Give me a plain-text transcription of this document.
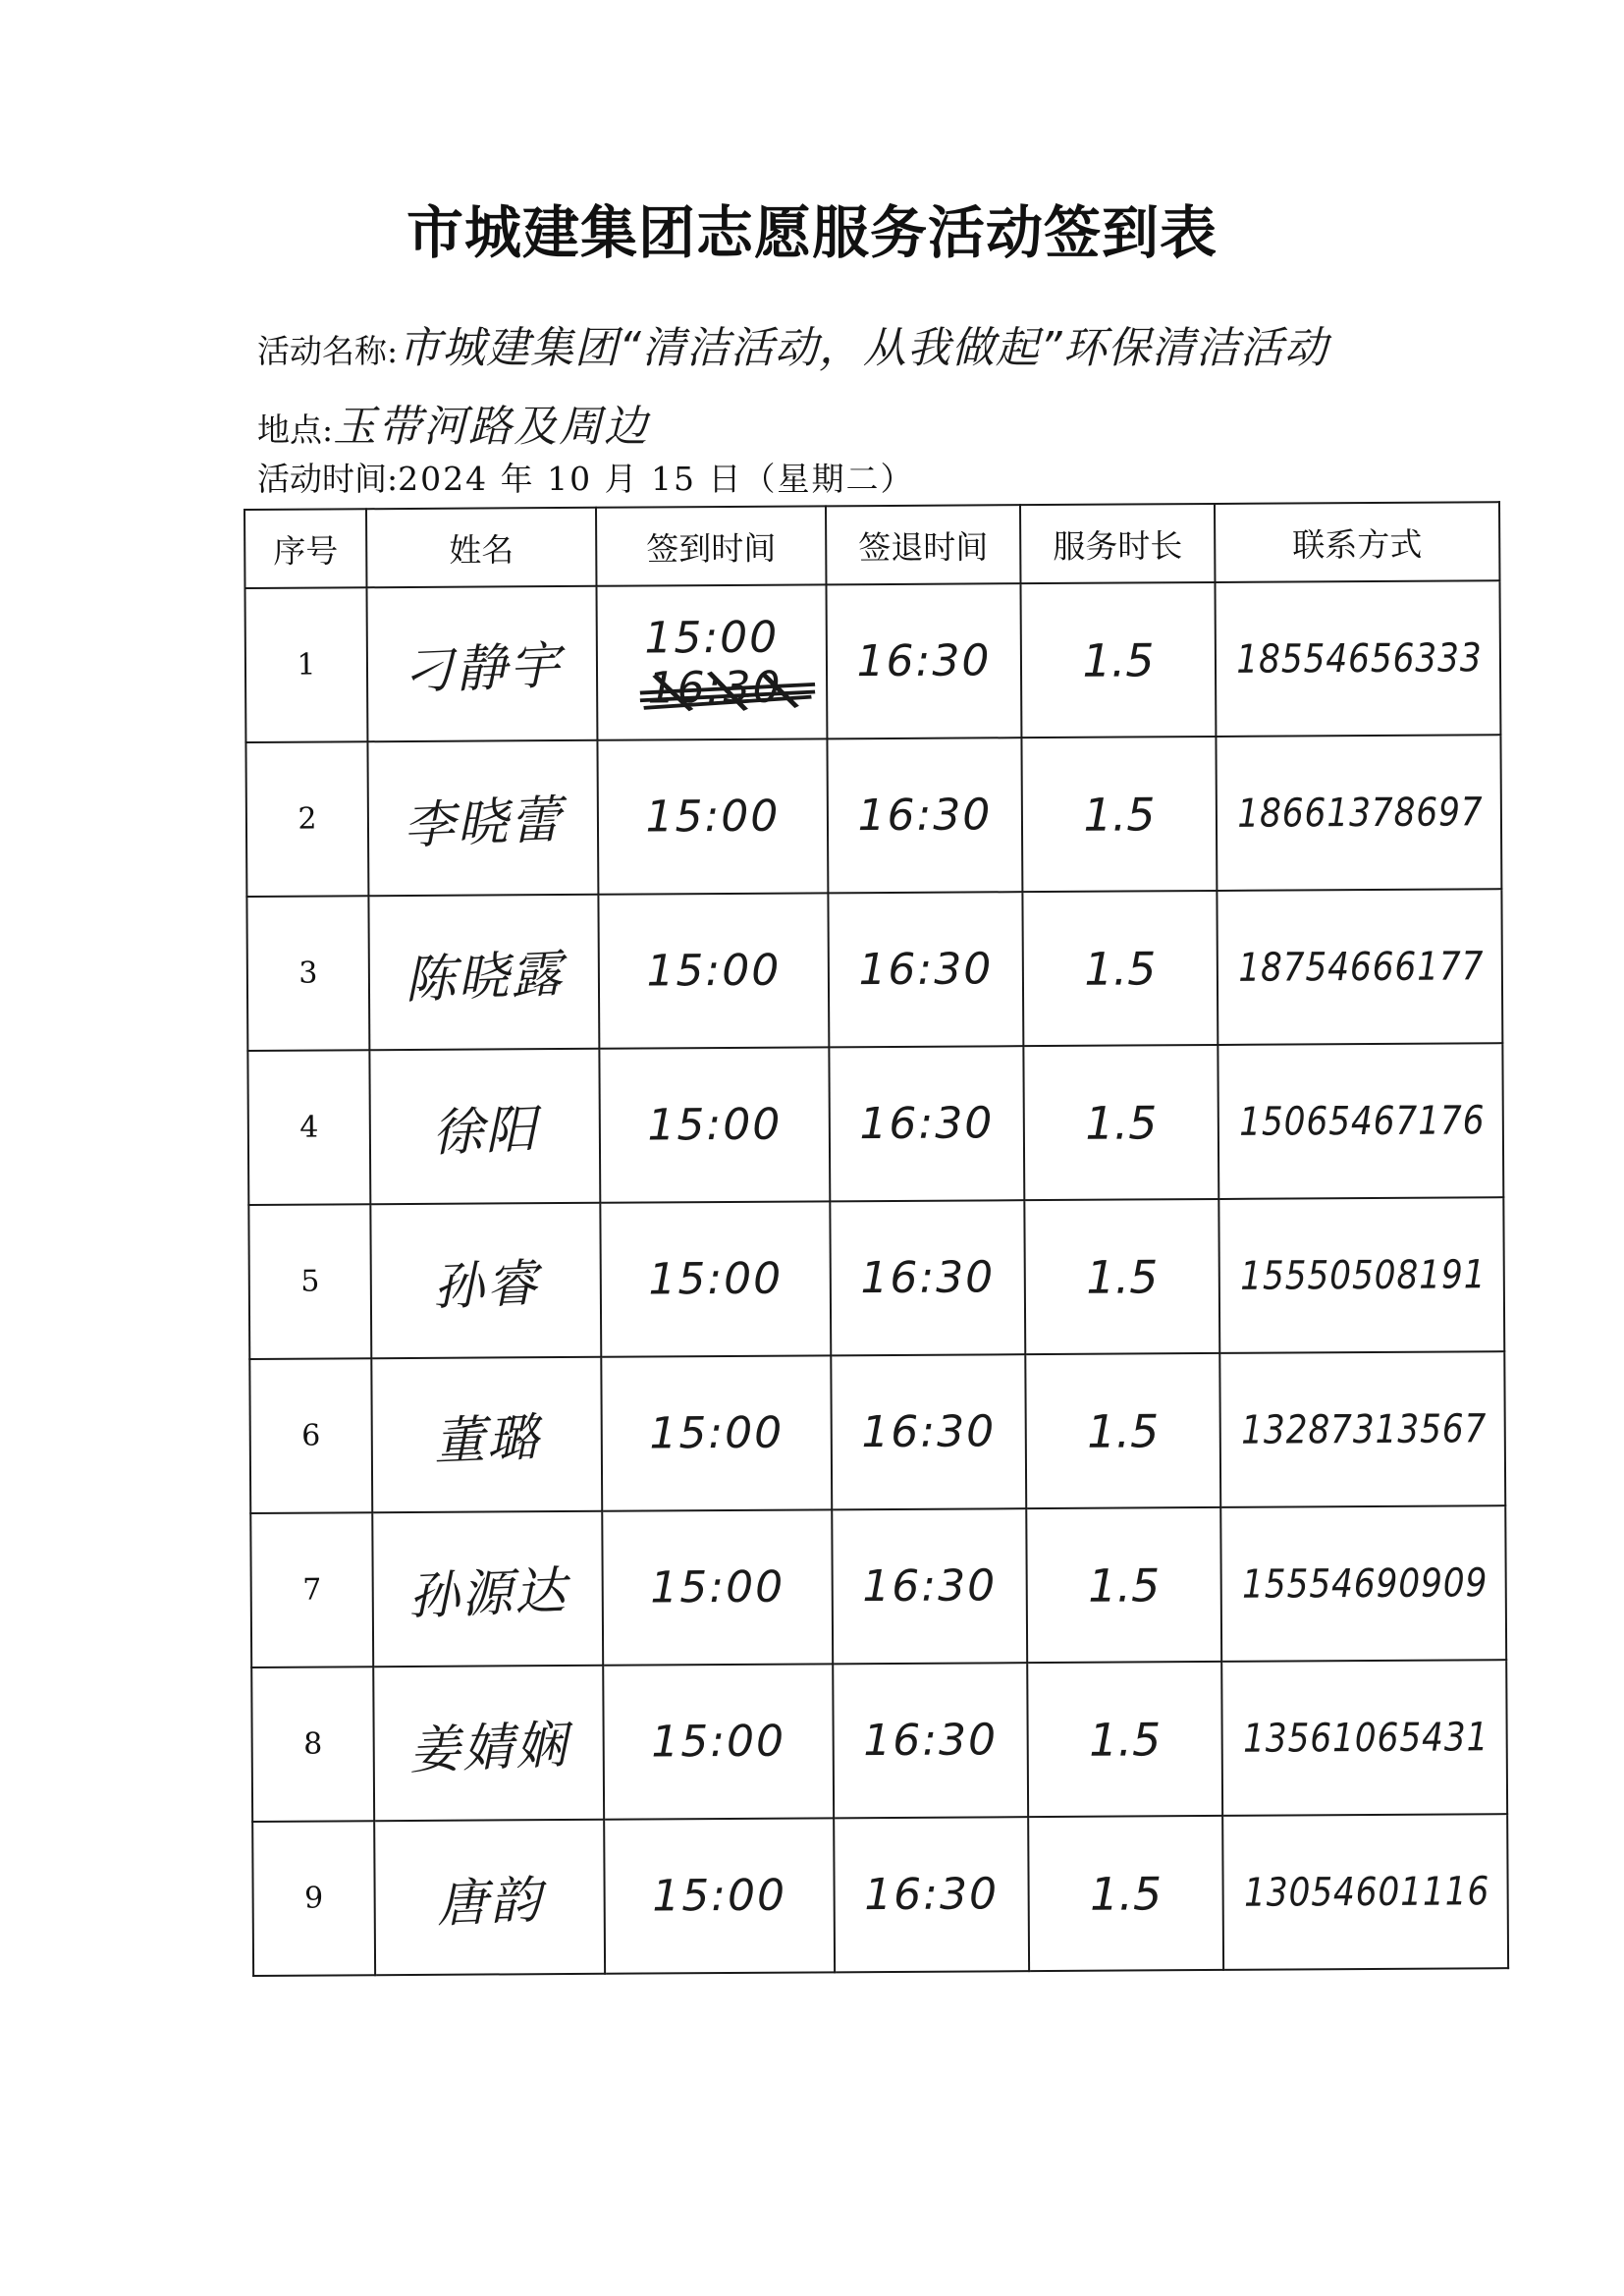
市城建集团志愿服务活动签到表
活动名称:市城建集团“清洁活动，从我做起”环保清洁活动
地点:玉带河路及周边
活动时间:2024 年 10 月 15 日（星期二）
序号	姓名	签到时间	签退时间	服务时长	联系方式
1	刁静宇	15:00 16:30	16:30	1.5	18554656333
2	李晓蕾	15:00	16:30	1.5	18661378697
3	陈晓露	15:00	16:30	1.5	18754666177
4	徐阳	15:00	16:30	1.5	15065467176
5	孙睿	15:00	16:30	1.5	15550508191
6	董璐	15:00	16:30	1.5	13287313567
7	孙源达	15:00	16:30	1.5	15554690909
8	姜婧娴	15:00	16:30	1.5	13561065431
9	唐韵	15:00	16:30	1.5	13054601116
